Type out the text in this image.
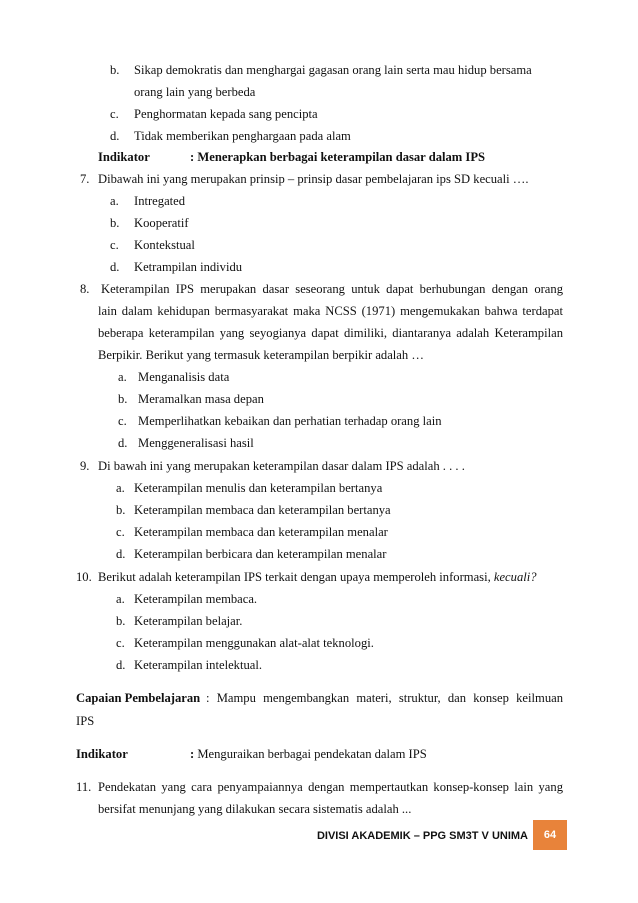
b. Sikap demokratis dan menghargai gagasan orang lain serta mau hidup bersama
orang lain yang berbeda
c. Penghormatan kepada sang pencipta
d. Tidak memberikan penghargaan pada alam
Indikator	: Menerapkan berbagai keterampilan dasar dalam IPS
7. Dibawah ini yang merupakan prinsip – prinsip dasar pembelajaran ips SD kecuali ….
a. Intregated
b. Kooperatif
c. Kontekstual
d. Ketrampilan individu
8. Keterampilan IPS merupakan dasar seseorang untuk dapat berhubungan dengan orang
lain dalam kehidupan bermasyarakat maka NCSS (1971) mengemukakan bahwa terdapat
beberapa keterampilan yang seyogianya dapat dimiliki, diantaranya adalah Keterampilan
Berpikir. Berikut yang termasuk keterampilan berpikir adalah …
a. Menganalisis data
b. Meramalkan masa depan
c. Memperlihatkan kebaikan dan perhatian terhadap orang lain
d. Menggeneralisasi hasil
9. Di bawah ini yang merupakan keterampilan dasar dalam IPS adalah . . . .
a. Keterampilan menulis dan keterampilan bertanya
b. Keterampilan membaca dan keterampilan bertanya
c. Keterampilan membaca dan keterampilan menalar
d. Keterampilan berbicara dan keterampilan menalar
10. Berikut adalah keterampilan IPS terkait dengan upaya memperoleh informasi, kecuali?
a. Keterampilan membaca.
b. Keterampilan belajar.
c. Keterampilan menggunakan alat-alat teknologi.
d. Keterampilan intelektual.
Capaian Pembelajaran : Mampu mengembangkan materi, struktur, dan konsep keilmuan
IPS
Indikator	: Menguraikan berbagai pendekatan dalam IPS
11. Pendekatan yang cara penyampaiannya dengan mempertautkan konsep-konsep lain yang
bersifat menunjang yang dilakukan secara sistematis adalah ...
DIVISI AKADEMIK – PPG SM3T V UNIMA	64
